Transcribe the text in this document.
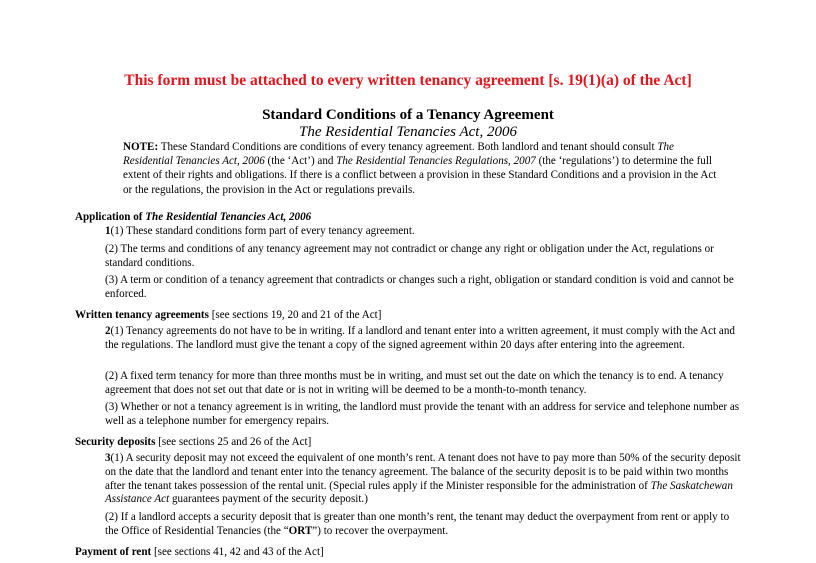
This form must be attached to every written tenancy agreement [s. 19(1)(a) of the Act]
Standard Conditions of a Tenancy Agreement
The Residential Tenancies Act, 2006
NOTE: These Standard Conditions are conditions of every tenancy agreement. Both landlord and tenant should consult The Residential Tenancies Act, 2006 (the ‘Act’) and The Residential Tenancies Regulations, 2007 (the ‘regulations’) to determine the full extent of their rights and obligations. If there is a conflict between a provision in these Standard Conditions and a provision in the Act or the regulations, the provision in the Act or regulations prevails.
Application of The Residential Tenancies Act, 2006
1(1) These standard conditions form part of every tenancy agreement.
(2) The terms and conditions of any tenancy agreement may not contradict or change any right or obligation under the Act, regulations or standard conditions.
(3) A term or condition of a tenancy agreement that contradicts or changes such a right, obligation or standard condition is void and cannot be enforced.
Written tenancy agreements [see sections 19, 20 and 21 of the Act]
2(1) Tenancy agreements do not have to be in writing. If a landlord and tenant enter into a written agreement, it must comply with the Act and the regulations. The landlord must give the tenant a copy of the signed agreement within 20 days after entering into the agreement.
(2) A fixed term tenancy for more than three months must be in writing, and must set out the date on which the tenancy is to end. A tenancy agreement that does not set out that date or is not in writing will be deemed to be a month-to-month tenancy.
(3) Whether or not a tenancy agreement is in writing, the landlord must provide the tenant with an address for service and telephone number as well as a telephone number for emergency repairs.
Security deposits [see sections 25 and 26 of the Act]
3(1) A security deposit may not exceed the equivalent of one month’s rent. A tenant does not have to pay more than 50% of the security deposit on the date that the landlord and tenant enter into the tenancy agreement. The balance of the security deposit is to be paid within two months after the tenant takes possession of the rental unit. (Special rules apply if the Minister responsible for the administration of The Saskatchewan Assistance Act guarantees payment of the security deposit.)
(2) If a landlord accepts a security deposit that is greater than one month’s rent, the tenant may deduct the overpayment from rent or apply to the Office of Residential Tenancies (the “ORT”) to recover the overpayment.
Payment of rent [see sections 41, 42 and 43 of the Act]
